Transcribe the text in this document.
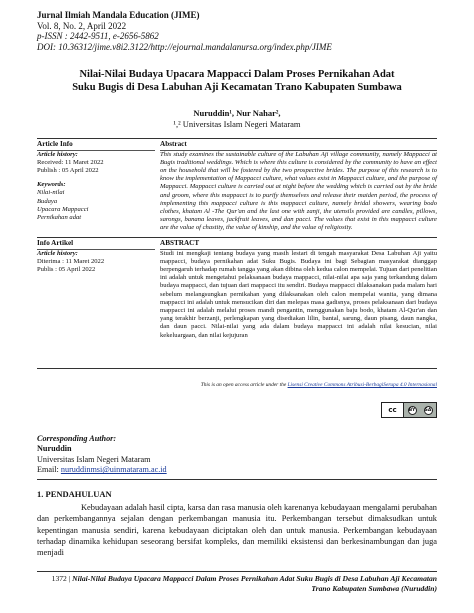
Jurnal Ilmiah Mandala Education (JIME)
Vol. 8, No. 2, April 2022
p-ISSN : 2442-9511, e-2656-5862
DOI: 10.36312/jime.v8i2.3122/http://ejournal.mandalanursa.org/index.php/JIME
Nilai-Nilai Budaya Upacara Mappacci Dalam Proses Pernikahan Adat
Suku Bugis di Desa Labuhan Aji Kecamatan Trano Kabupaten Sumbawa
Nuruddin¹, Nur Nahar²,
¹,² Universitas Islam Negeri Mataram
Article Info
Article history:
Received: 11 Maret 2022
Publish : 05 April 2022
Keywords:
Nilai-nilai
Budaya
Upacara Mappacci
Pernikahan adat
Abstract
This study examines the sustainable culture of the Labuhan Aji village community, namely Mappacci at Bugis traditional weddings. Which is where this culture is considered by the community to have an effect on the household that will be fostered by the two prospective brides. The purpose of this research is to know the implementation of Mappacci culture, what values exist in Mappacci culture, and the purpose of Mappacci. Mappacci culture is carried out at night before the wedding which is carried out by the bride and groom, where this mappacci is to purify themselves and release their maiden period, the process of implementing this mappacci culture is this mappacci culture, namely bridal showers, wearing bodo clothes, khatam Al -The Qur'an and the last one with zanji, the utensils provided are candles, pillows, sarongs, banana leaves, jackfruit leaves, and dan pacci. The values that exist in this mappacci culture are the value of chastity, the value of kinship, and the value of religiosity.
Info Artikel
Article history:
Diterima : 11 Maret 2022
Publis : 05 April 2022
ABSTRACT
Studi ini mengkaji tentang budaya yang masih lestari di tengah masyarakat Desa Labuhan Aji yaitu mappacci, budaya pernikahan adat Suku Bugis. Budaya ini bagi Sebagian masyarakat dianggap berpengaruh terhadap rumah tangga yang akan dibina oleh kedua calon mempelai. Tujuan dari penelitian ini adalah untuk mengetahui pelaksanaan budaya mappacci, nilai-nilai apa saja yang terkandung dalam budaya mappacci, dan tujuan dari mappacci itu sendiri. Budaya mappacci dilaksanakan pada malam hari sebelum melangsungkan pernikahan yang dilaksanakan oleh calon mempelai wanita, yang dimana mappacci ini adalah untuk mensucikan diri dan melepas masa gadisnya, proses pelaksanaan dari budaya mappacci ini adalah melalui proses mandi pengantin, menggunakan baju bodo, khatam Al-Qur'an dan yang terakhir berzanji, perlengkapan yang disediakan lilin, bantal, sarung, daun pisang, daun nangka, dan daun pacci. Nilai-nilai yang ada dalam budaya mappacci ini adalah nilai kesucian, nilai kekeluargaan, dan nilai kejujuran
This is an open access article under the Lisensi Creative Commons Atribusi-BerbagiSerupa 4.0 Internasional
cc	BY SA
Corresponding Author:
Nuruddin
Universitas Islam Negeri Mataram
Email: nuruddinmsi@uinmataram.ac.id
1. PENDAHULUAN
Kebudayaan adalah hasil cipta, karsa dan rasa manusia oleh karenanya kebudayaan mengalami perubahan dan perkembangannya sejalan dengan perkembangan manusia itu. Perkembangan tersebut dimaksudkan untuk kepentingan manusia sendiri, karena kebudayaan diciptakan oleh dan untuk manusia. Perkembangan kebudayaan terhadap dinamika kehidupan seseorang bersifat kompleks, dan memiliki eksistensi dan berkesinambungan dan juga menjadi
1372 | Nilai-Nilai Budaya Upacara Mappacci Dalam Proses Pernikahan Adat Suku Bugis di Desa Labuhan Aji Kecamatan Trano Kabupaten Sumbawa (Nuruddin)
